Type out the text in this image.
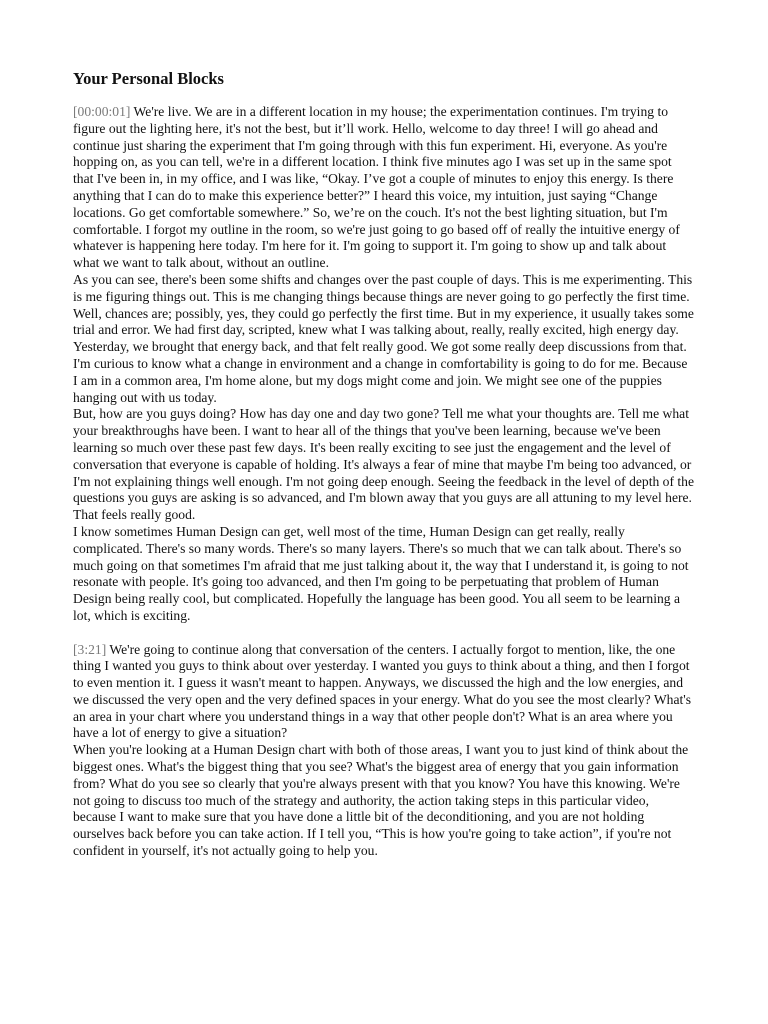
Your Personal Blocks

[00:00:01] We're live. We are in a different location in my house; the experimentation continues. I'm trying to figure out the lighting here, it's not the best, but it’ll work. Hello, welcome to day three! I will go ahead and continue just sharing the experiment that I'm going through with this fun experiment. Hi, everyone. As you're hopping on, as you can tell, we're in a different location. I think five minutes ago I was set up in the same spot that I've been in, in my office, and I was like, “Okay. I’ve got a couple of minutes to enjoy this energy. Is there anything that I can do to make this experience better?” I heard this voice, my intuition, just saying “Change locations. Go get comfortable somewhere.” So, we’re on the couch. It's not the best lighting situation, but I'm comfortable. I forgot my outline in the room, so we're just going to go based off of really the intuitive energy of whatever is happening here today. I'm here for it. I'm going to support it. I'm going to show up and talk about what we want to talk about, without an outline.

As you can see, there's been some shifts and changes over the past couple of days. This is me experimenting. This is me figuring things out. This is me changing things because things are never going to go perfectly the first time. Well, chances are; possibly, yes, they could go perfectly the first time. But in my experience, it usually takes some trial and error. We had first day, scripted, knew what I was talking about, really, really excited, high energy day. Yesterday, we brought that energy back, and that felt really good. We got some really deep discussions from that. I'm curious to know what a change in environment and a change in comfortability is going to do for me. Because I am in a common area, I'm home alone, but my dogs might come and join. We might see one of the puppies hanging out with us today.

But, how are you guys doing? How has day one and day two gone? Tell me what your thoughts are. Tell me what your breakthroughs have been. I want to hear all of the things that you've been learning, because we've been learning so much over these past few days. It's been really exciting to see just the engagement and the level of conversation that everyone is capable of holding. It's always a fear of mine that maybe I'm being too advanced, or I'm not explaining things well enough. I'm not going deep enough. Seeing the feedback in the level of depth of the questions you guys are asking is so advanced, and I'm blown away that you guys are all attuning to my level here. That feels really good.

I know sometimes Human Design can get, well most of the time, Human Design can get really, really complicated. There's so many words. There's so many layers. There's so much that we can talk about. There's so much going on that sometimes I'm afraid that me just talking about it, the way that I understand it, is going to not resonate with people. It's going too advanced, and then I'm going to be perpetuating that problem of Human Design being really cool, but complicated. Hopefully the language has been good. You all seem to be learning a lot, which is exciting.

[3:21] We're going to continue along that conversation of the centers. I actually forgot to mention, like, the one thing I wanted you guys to think about over yesterday. I wanted you guys to think about a thing, and then I forgot to even mention it. I guess it wasn't meant to happen. Anyways, we discussed the high and the low energies, and we discussed the very open and the very defined spaces in your energy. What do you see the most clearly? What's an area in your chart where you understand things in a way that other people don't? What is an area where you have a lot of energy to give a situation?

When you're looking at a Human Design chart with both of those areas, I want you to just kind of think about the biggest ones. What's the biggest thing that you see? What's the biggest area of energy that you gain information from? What do you see so clearly that you're always present with that you know? You have this knowing. We're not going to discuss too much of the strategy and authority, the action taking steps in this particular video, because I want to make sure that you have done a little bit of the deconditioning, and you are not holding ourselves back before you can take action. If I tell you, “This is how you're going to take action”, if you're not confident in yourself, it's not actually going to help you.
